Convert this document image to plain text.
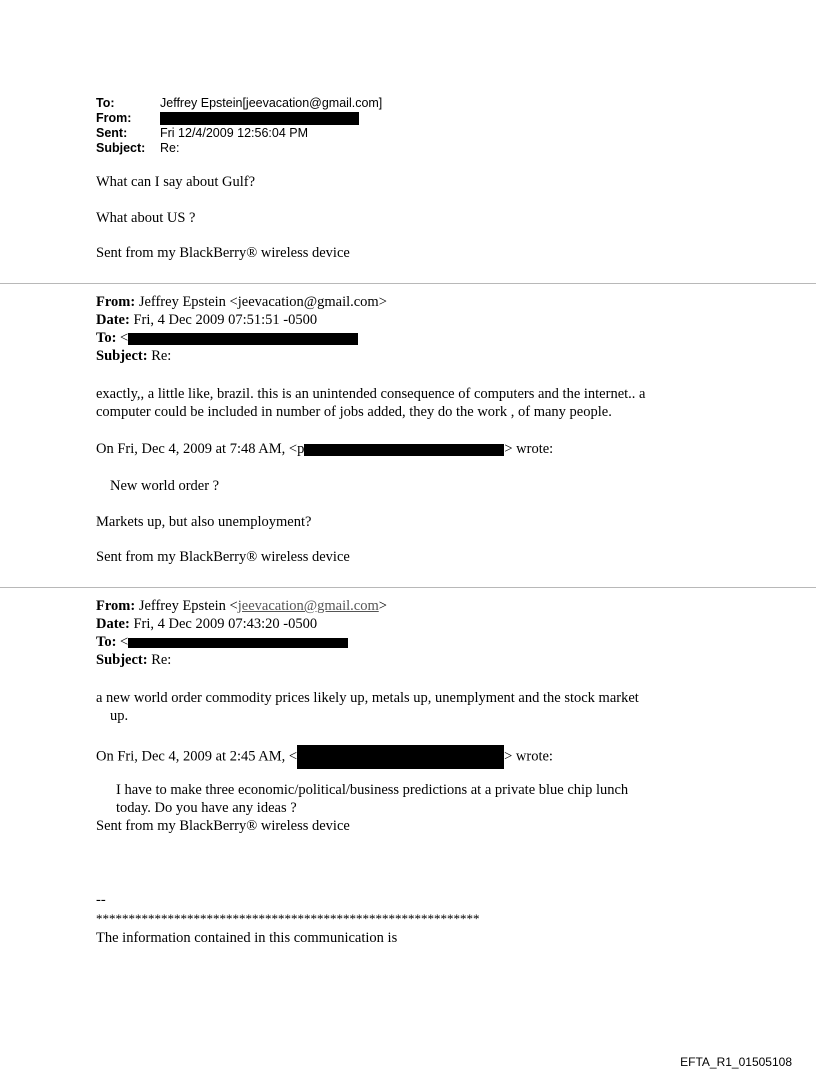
To:	Jeffrey Epstein[jeevacation@gmail.com]
From:
Sent:	Fri 12/4/2009 12:56:04 PM
Subject:	Re:
What can I say about Gulf?
What about US ?
Sent from my BlackBerry® wireless device
From: Jeffrey Epstein <jeevacation@gmail.com>
Date: Fri, 4 Dec 2009 07:51:51 -0500
To: <
Subject: Re:
exactly,, a little like, brazil. this is an unintended consequence of computers and the internet.. a
computer could be included in number of jobs added, they do the work , of many people.
On Fri, Dec 4, 2009 at 7:48 AM, <p	> wrote:
New world order ?
Markets up, but also unemployment?
Sent from my BlackBerry® wireless device
From: Jeffrey Epstein <jeevacation@gmail.com>
Date: Fri, 4 Dec 2009 07:43:20 -0500
To: <
Subject: Re:
a new world order commodity prices likely up, metals up, unemplyment and the stock market
up.
On Fri, Dec 4, 2009 at 2:45 AM, <	> wrote:
I have to make three economic/political/business predictions at a private blue chip lunch
today. Do you have any ideas ?
Sent from my BlackBerry® wireless device
--
***********************************************************
The information contained in this communication is
EFTA_R1_01505108
